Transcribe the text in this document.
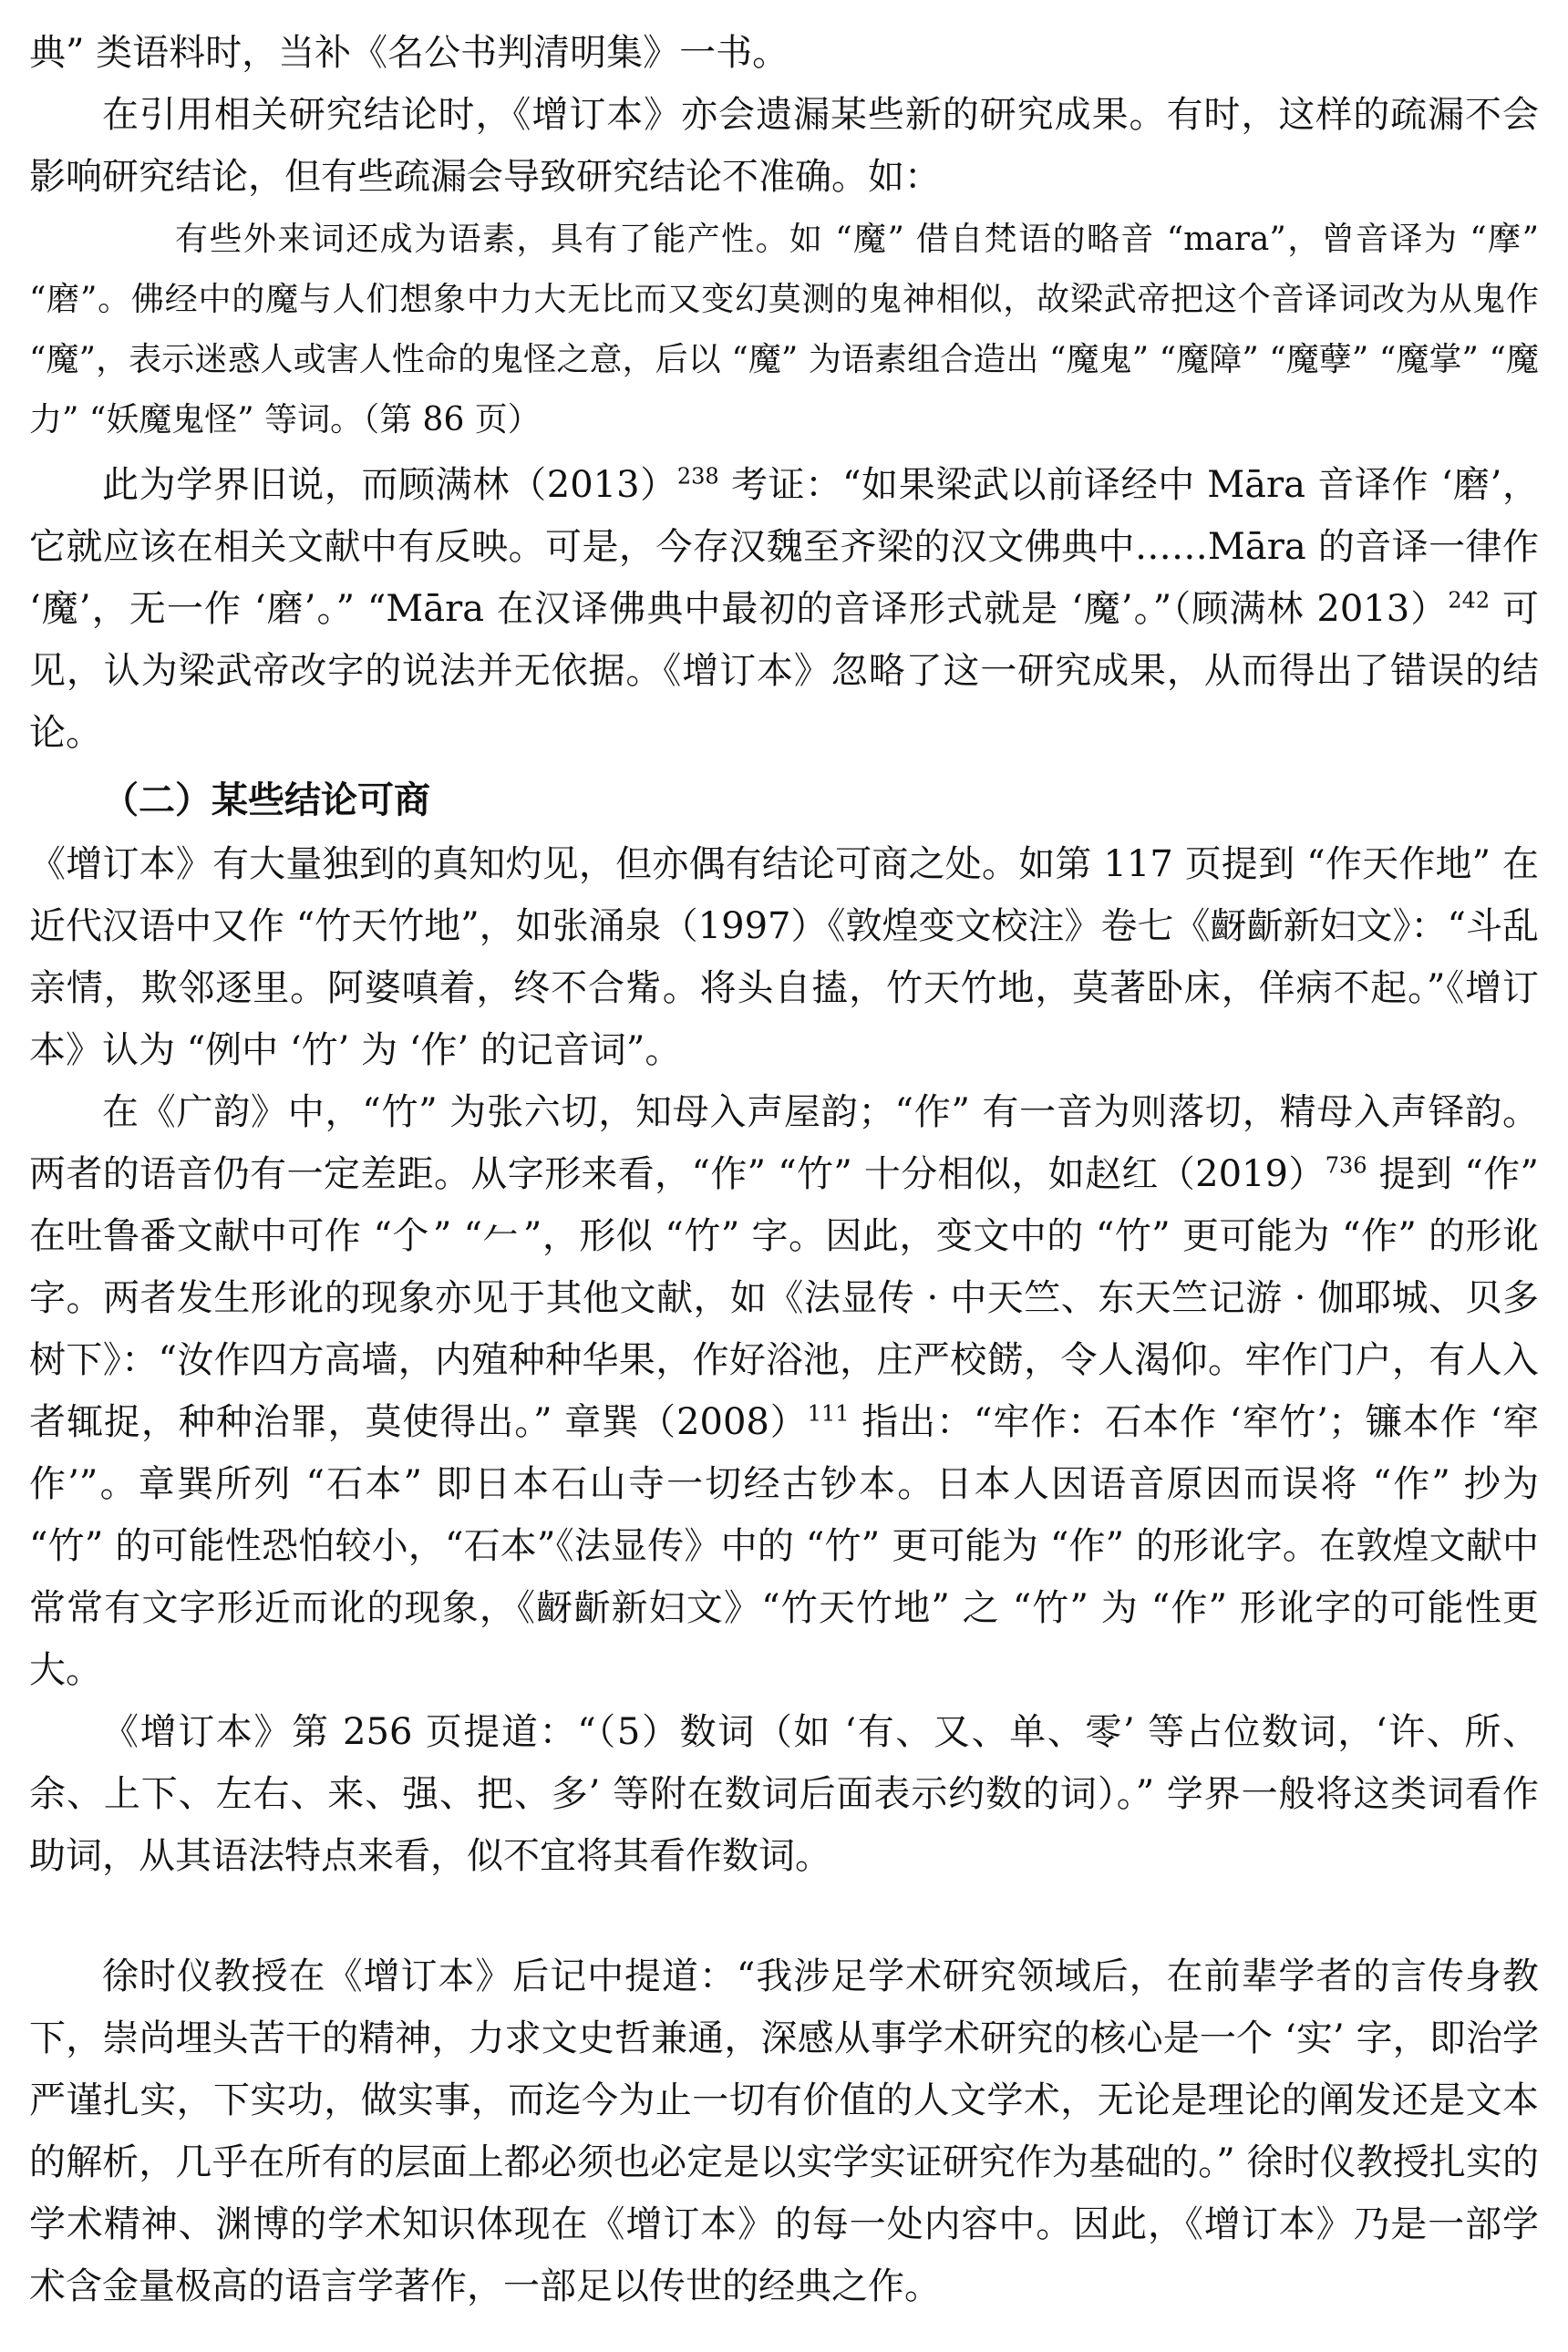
典” 类语料时，当补《名公书判清明集》一书。

在引用相关研究结论时，《增订本》亦会遗漏某些新的研究成果。有时，这样的疏漏不会影响研究结论，但有些疏漏会导致研究结论不准确。如：

有些外来词还成为语素，具有了能产性。如 “魔” 借自梵语的略音 “mara”，曾音译为 “摩” “磨”。佛经中的魔与人们想象中力大无比而又变幻莫测的鬼神相似，故梁武帝把这个音译词改为从鬼作 “魔”，表示迷惑人或害人性命的鬼怪之意，后以 “魔” 为语素组合造出 “魔鬼” “魔障” “魔孽” “魔掌” “魔力” “妖魔鬼怪” 等词。（第 86 页）

此为学界旧说，而顾满林$(2013)^{238}$ 考证：“如果梁武以前译经中 Māra 音译作 ‘磨’，它就应该在相关文献中有反映。可是，今存汉魏至齐梁的汉文佛典中……Māra 的音译一律作 ‘魔’，无一作 ‘磨’。” “Māra 在汉译佛典中最初的音译形式就是 ‘魔’。”（顾满林 2013）$^{242}$ 可见，认为梁武帝改字的说法并无依据。《增订本》忽略了这一研究成果，从而得出了错误的结论。

（二）某些结论可商

《增订本》有大量独到的真知灼见，但亦偶有结论可商之处。如第 117 页提到 “作天作地” 在近代汉语中又作 “竹天竹地”，如张涌泉（1997）《敦煌变文校注》卷七《齖齗新妇文》：“斗乱亲情，欺邻逐里。阿婆嗔着，终不合觜。将头自搕，竹天竹地，莫著卧床，佯病不起。”《增订本》认为 “例中 ‘竹’ 为 ‘作’ 的记音词”。

在《广韵》中，“竹” 为张六切，知母入声屋韵；“作” 有一音为则落切，精母入声铎韵。两者的语音仍有一定差距。从字形来看，“作” “竹” 十分相似，如赵红$(2019)^{736}$ 提到 “作” 在吐鲁番文献中可作 “𠆤” “𠂉”，形似 “竹” 字。因此，变文中的 “竹” 更可能为 “作” 的形讹字。两者发生形讹的现象亦见于其他文献，如《法显传 · 中天竺、东天竺记游 · 伽耶城、贝多树下》：“汝作四方高墙，内殖种种华果，作好浴池，庄严校餝，令人渴仰。牢作门户，有人入者辄捉，种种治罪，莫使得出。” 章巽$(2008)^{111}$ 指出：“牢作：石本作 ‘窂竹’；镰本作 ‘窂作’”。章巽所列 “石本” 即日本石山寺一切经古钞本。日本人因语音原因而误将 “作” 抄为 “竹” 的可能性恐怕较小，“石本”《法显传》中的 “竹” 更可能为 “作” 的形讹字。在敦煌文献中常常有文字形近而讹的现象，《齖齗新妇文》“竹天竹地” 之 “竹” 为 “作” 形讹字的可能性更大。

《增订本》第 256 页提道：“（5）数词（如 ‘有、又、单、零’ 等占位数词，‘许、所、余、上下、左右、来、强、把、多’ 等附在数词后面表示约数的词）。” 学界一般将这类词看作助词，从其语法特点来看，似不宜将其看作数词。

徐时仪教授在《增订本》后记中提道：“我涉足学术研究领域后，在前辈学者的言传身教下，崇尚埋头苦干的精神，力求文史哲兼通，深感从事学术研究的核心是一个 ‘实’ 字，即治学严谨扎实，下实功，做实事，而迄今为止一切有价值的人文学术，无论是理论的阐发还是文本的解析，几乎在所有的层面上都必须也必定是以实学实证研究作为基础的。” 徐时仪教授扎实的学术精神、渊博的学术知识体现在《增订本》的每一处内容中。因此，《增订本》乃是一部学术含金量极高的语言学著作，一部足以传世的经典之作。
